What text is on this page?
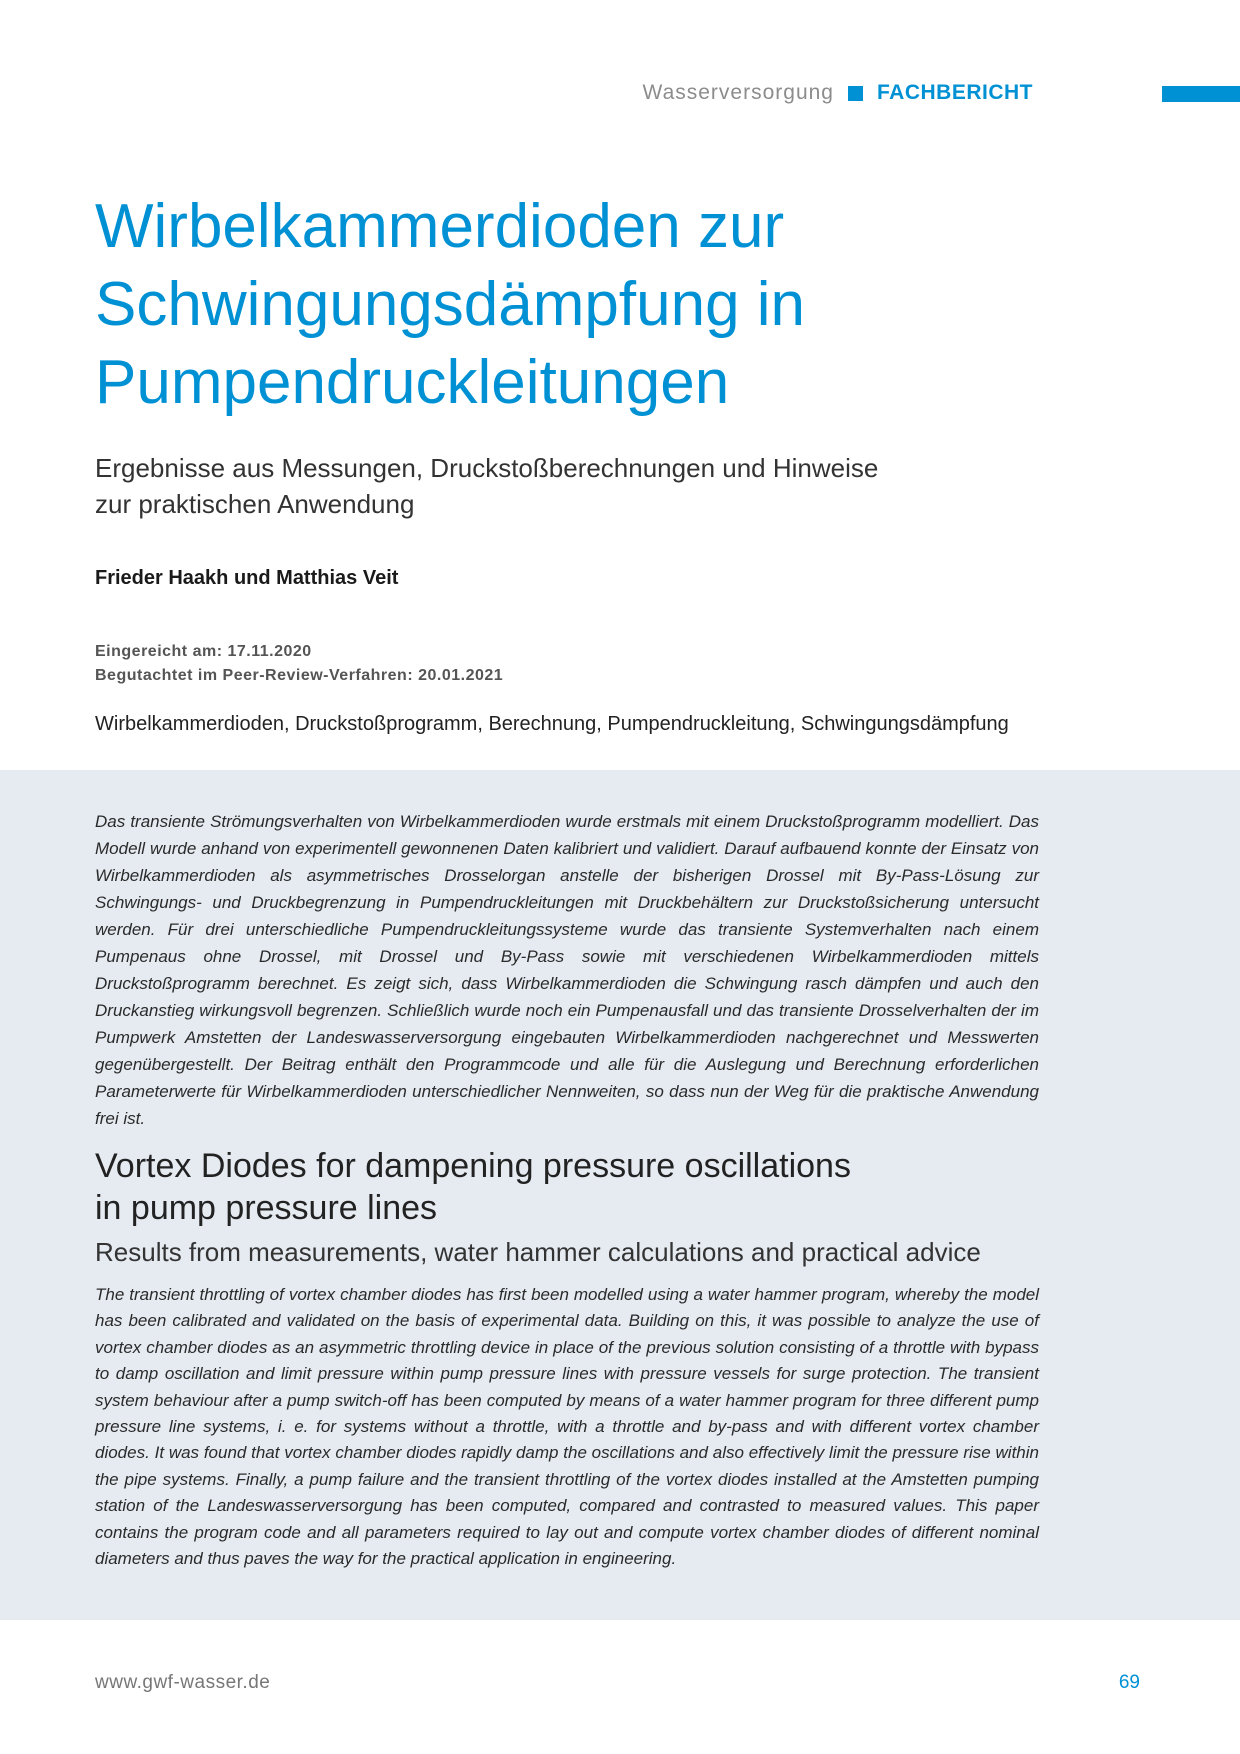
Wasserversorgung FACHBERICHT
Wirbelkammerdioden zur
Schwingungsdämpfung in
Pumpendruckleitungen
Ergebnisse aus Messungen, Druckstoßberechnungen und Hinweise
zur praktischen Anwendung
Frieder Haakh und Matthias Veit
Eingereicht am: 17.11.2020
Begutachtet im Peer-Review-Verfahren: 20.01.2021
Wirbelkammerdioden, Druckstoßprogramm, Berechnung, Pumpendruckleitung, Schwingungsdämpfung

Das transiente Strömungsverhalten von Wirbelkammerdioden wurde erstmals mit einem Druckstoßprogramm modelliert. Das Modell wurde anhand von experimentell gewonnenen Daten kalibriert und validiert. Darauf aufbauend konnte der Einsatz von Wirbelkammerdioden als asymmetrisches Drosselorgan anstelle der bisherigen Drossel mit By-Pass-Lösung zur Schwingungs- und Druckbegrenzung in Pumpendruckleitungen mit Druckbehältern zur Druckstoßsicherung untersucht werden. Für drei unterschiedliche Pumpendruckleitungssysteme wurde das transiente Systemverhalten nach einem Pumpenaus ohne Drossel, mit Drossel und By-Pass sowie mit verschiedenen Wirbelkammerdioden mittels Druckstoßprogramm berechnet. Es zeigt sich, dass Wirbelkammerdioden die Schwingung rasch dämpfen und auch den Druckanstieg wirkungsvoll begrenzen. Schließlich wurde noch ein Pumpenausfall und das transiente Drosselverhalten der im Pumpwerk Amstetten der Landeswasserversorgung eingebauten Wirbelkammerdioden nachgerechnet und Messwerten gegenübergestellt. Der Beitrag enthält den Programmcode und alle für die Auslegung und Berechnung erforderlichen Parameterwerte für Wirbelkammerdioden unterschiedlicher Nennweiten, so dass nun der Weg für die praktische Anwendung frei ist.

Vortex Diodes for dampening pressure oscillations
in pump pressure lines
Results from measurements, water hammer calculations and practical advice

The transient throttling of vortex chamber diodes has first been modelled using a water hammer program, whereby the model has been calibrated and validated on the basis of experimental data. Building on this, it was possible to analyze the use of vortex chamber diodes as an asymmetric throttling device in place of the previous solution consisting of a throttle with bypass to damp oscillation and limit pressure within pump pressure lines with pressure vessels for surge protection. The transient system behaviour after a pump switch-off has been computed by means of a water hammer program for three different pump pressure line systems, i. e. for systems without a throttle, with a throttle and by-pass and with different vortex chamber diodes. It was found that vortex chamber diodes rapidly damp the oscillations and also effectively limit the pressure rise within the pipe systems. Finally, a pump failure and the transient throttling of the vortex diodes installed at the Amstetten pumping station of the Landeswasserversorgung has been computed, compared and contrasted to measured values. This paper contains the program code and all parameters required to lay out and compute vortex chamber diodes of different nominal diameters and thus paves the way for the practical application in engineering.

www.gwf-wasser.de	69
